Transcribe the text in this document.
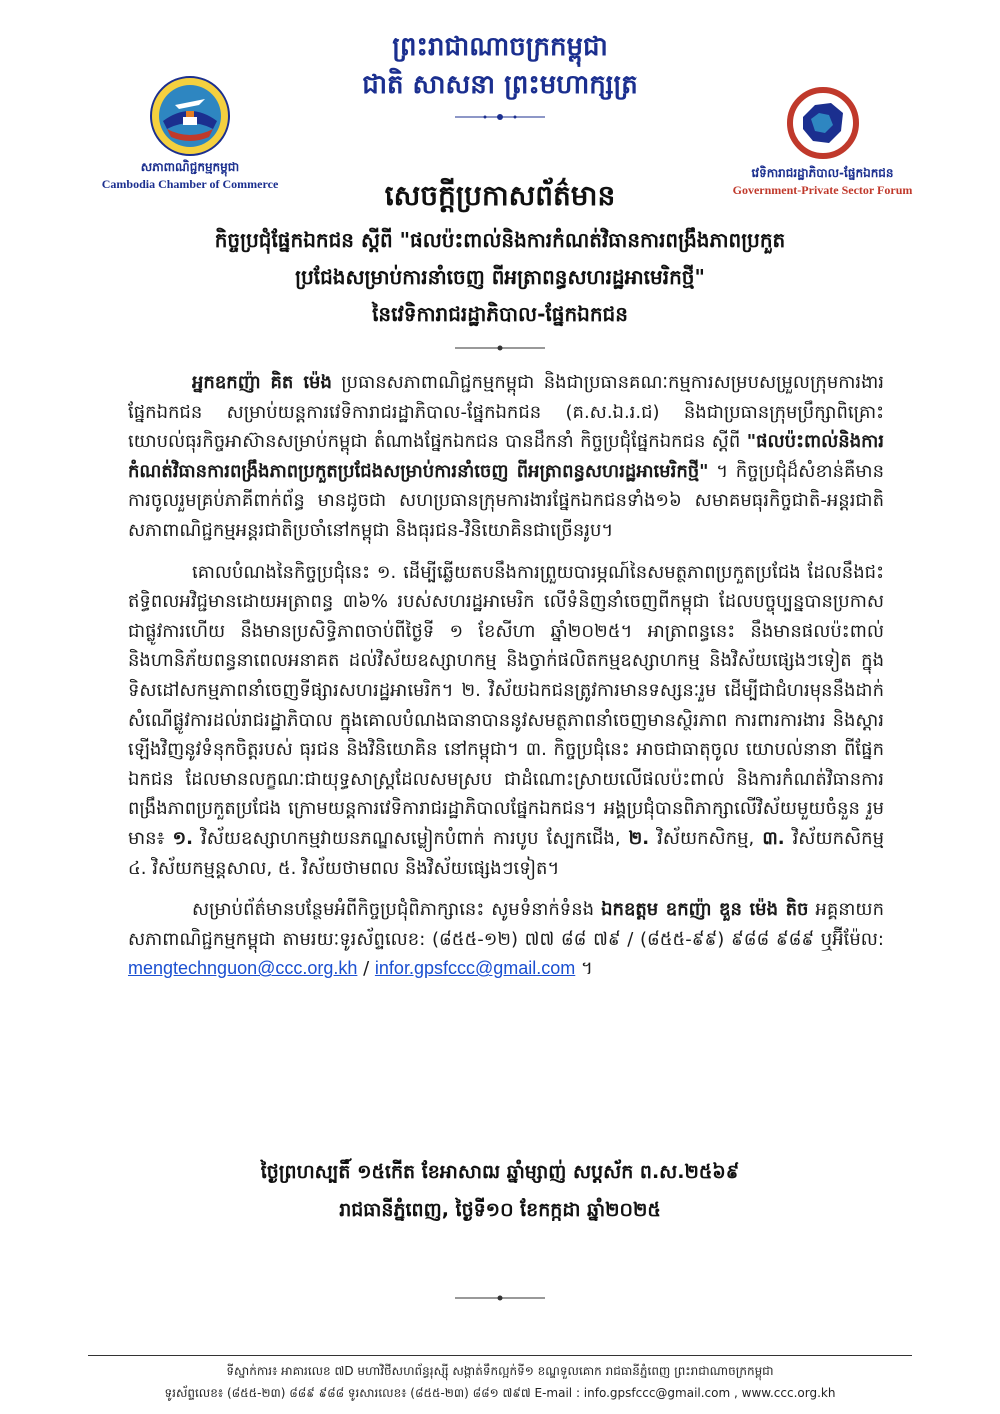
ព្រះរាជាណាចក្រកម្ពុជា
ជាតិ សាសនា ព្រះមហាក្សត្រ
សភាពាណិជ្ជកម្មកម្ពុជា
Cambodia Chamber of Commerce
វេទិការាជរដ្ឋាភិបាល-ផ្នែកឯកជន
Government-Private Sector Forum
សេចក្តីប្រកាសព័ត៌មាន
កិច្ចប្រជុំផ្នែកឯកជន ស្តីពី "ផលប៉ះពាល់និងការកំណត់វិធានការពង្រឹងភាពប្រកួត
ប្រជែងសម្រាប់ការនាំចេញ ពីអត្រាពន្ធសហរដ្ឋអាមេរិកថ្មី"
នៃវេទិការាជរដ្ឋាភិបាល-ផ្នែកឯកជន

អ្នកឧកញ៉ា គិត ម៉េង ប្រធានសភាពាណិជ្ជកម្មកម្ពុជា និងជាប្រធានគណៈកម្មការសម្របសម្រួលក្រុមការងារផ្នែកឯកជន សម្រាប់យន្តការវេទិការាជរដ្ឋាភិបាល-ផ្នែកឯកជន (គ.ស.ឯ.រ.ជ) និងជាប្រធានក្រុមប្រឹក្សាពិគ្រោះយោបល់ធុរកិច្ចអាស៊ានសម្រាប់កម្ពុជា តំណាងផ្នែកឯកជន បានដឹកនាំ កិច្ចប្រជុំផ្នែកឯកជន ស្តីពី "ផលប៉ះពាល់និងការកំណត់វិធានការពង្រឹងភាពប្រកួតប្រជែងសម្រាប់ការនាំចេញ ពីអត្រាពន្ធសហរដ្ឋអាមេរិកថ្មី" ។ កិច្ចប្រជុំដ៏សំខាន់គឺមានការចូលរួមគ្រប់ភាគីពាក់ព័ន្ធ មានដូចជា សហប្រធានក្រុមការងារផ្នែកឯកជនទាំង១៦ សមាគមធុរកិច្ចជាតិ-អន្តរជាតិ សភាពាណិជ្ជកម្មអន្តរជាតិប្រចាំនៅកម្ពុជា និងធុរជន-វិនិយោគិនជាច្រើនរូប។

គោលបំណងនៃកិច្ចប្រជុំនេះ ១. ដើម្បីឆ្លើយតបនឹងការព្រួយបារម្ភណ៍នៃសមត្ថភាពប្រកួតប្រជែង ដែលនឹងជះឥទ្ធិពលអវិជ្ជមានដោយអត្រាពន្ធ ៣៦% របស់សហរដ្ឋអាមេរិក លើទំនិញនាំចេញពីកម្ពុជា ដែលបច្ចុប្បន្នបានប្រកាសជាផ្លូវការហើយ នឹងមានប្រសិទ្ធិភាពចាប់ពីថ្ងៃទី ១ ខែសីហា ឆ្នាំ២០២៥។ អាត្រាពន្ធនេះ នឹងមានផលប៉ះពាល់ និងហានិភ័យពន្ធនាពេលអនាគត ដល់វិស័យឧស្សាហកម្ម និងច្វាក់ផលិតកម្មឧស្សាហកម្ម និងវិស័យផ្សេងៗទៀត ក្នុងទិសដៅសកម្មភាពនាំចេញទីផ្សារសហរដ្ឋអាមេរិក។ ២. វិស័យឯកជនត្រូវការមានទស្សនៈរួម ដើម្បីជាជំហរមុននឹងដាក់សំណើផ្លូវការដល់រាជរដ្ឋាភិបាល ក្នុងគោលបំណងធានាបាននូវសមត្ថភាពនាំចេញមានស្ថិរភាព ការពារការងារ និងស្តារឡើងវិញនូវទំនុកចិត្តរបស់ ធុរជន និងវិនិយោគិន នៅកម្ពុជា។ ៣. កិច្ចប្រជុំនេះ អាចជាធាតុចូល យោបល់នានា ពីផ្នែកឯកជន ដែលមានលក្ខណៈជាយុទ្ធសាស្ត្រដែលសមស្រប ជាដំណោះស្រាយលើផលប៉ះពាល់ និងការកំណត់វិធានការពង្រឹងភាពប្រកួតប្រជែង ក្រោមយន្តការវេទិការាជរដ្ឋាភិបាលផ្នែកឯកជន។ អង្គប្រជុំបានពិភាក្សាលើវិស័យមួយចំនួន រួមមាន៖ ១. វិស័យឧស្សាហកម្មវាយនភណ្ឌសម្លៀកបំពាក់ ការបូប ស្បែកជើង, ២. វិស័យកសិកម្ម, ៣. វិស័យកសិកម្ម ៤. វិស័យកម្មន្តសាល, ៥. វិស័យថាមពល និងវិស័យផ្សេងៗទៀត។

សម្រាប់ព័ត៌មានបន្ថែមអំពីកិច្ចប្រជុំពិភាក្សានេះ សូមទំនាក់ទំនង ឯកឧត្តម ឧកញ៉ា ឌួន ម៉េង តិច អគ្គនាយកសភាពាណិជ្ជកម្មកម្ពុជា តាមរយៈទូរស័ព្ទលេខ: (៨៥៥-១២) ៧៧ ៨៨ ៧៩ / (៨៥៥-៩៩) ៩៨៨ ៩៨៩ ឬអ៊ីម៉ែល: mengtechnguon@ccc.org.kh / infor.gpsfccc@gmail.com ។

ថ្ងៃព្រហស្បតិ៍ ១៥កើត ខែអាសាឍ ឆ្នាំម្សាញ់ សប្តស័ក ព.ស.២៥៦៩
រាជធានីភ្នំពេញ, ថ្ងៃទី១០ ខែកក្កដា ឆ្នាំ២០២៥
ទីស្នាក់ការ៖ អាគារលេខ ៧D មហាវិថីសហព័ន្ធរុស្ស៊ី សង្កាត់ទឹកល្អក់ទី១ ខណ្ឌទួលគោក រាជធានីភ្នំពេញ ព្រះរាជាណាចក្រកម្ពុជា
ទូរស័ព្ទលេខ៖ (៨៥៥-២៣) ៨៨៩ ៩៨៨ ទូរសារលេខ៖ (៨៥៥-២៣) ៨៨១ ៧៩៧ E-mail : info.gpsfccc@gmail.com , www.ccc.org.kh
